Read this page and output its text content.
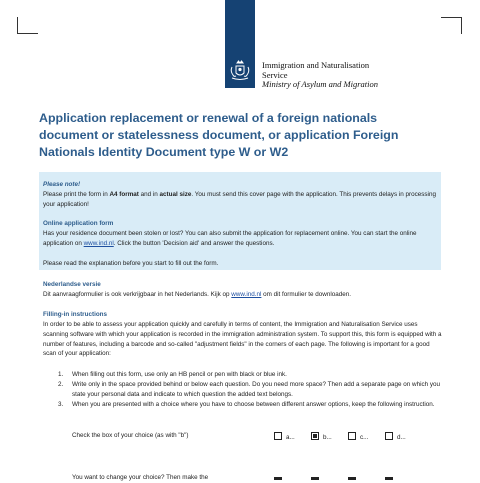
Immigration and Naturalisation
Service
Ministry of Asylum and Migration
Application replacement or renewal of a foreign nationals document or statelessness document, or application Foreign Nationals Identity Document type W or W2
Please note!
Please print the form in A4 format and in actual size. You must send this cover page with the application. This prevents delays in processing your application!
Online application form
Has your residence document been stolen or lost? You can also submit the application for replacement online. You can start the online application on www.ind.nl. Click the button 'Decision aid' and answer the questions.
Please read the explanation before you start to fill out the form.
Nederlandse versie
Dit aanvraagformulier is ook verkrijgbaar in het Nederlands. Kijk op www.ind.nl om dit formulier te downloaden.
Filling-in instructions
In order to be able to assess your application quickly and carefully in terms of content, the Immigration and Naturalisation Service uses scanning software with which your application is recorded in the immigration administration system. To support this, this form is equipped with a number of features, including a barcode and so-called "adjustment fields" in the corners of each page. The following is important for a good scan of your application:
1. When filling out this form, use only an HB pencil or pen with black or blue ink.
2. Write only in the space provided behind or below each question. Do you need more space? Then add a separate page on which you state your personal data and indicate to which question the added text belongs.
3. When you are presented with a choice where you have to choose between different answer options, keep the following instruction.
Check the box of your choice (as with "b")	a...	b...	c...	d...
You want to change your choice? Then make the
